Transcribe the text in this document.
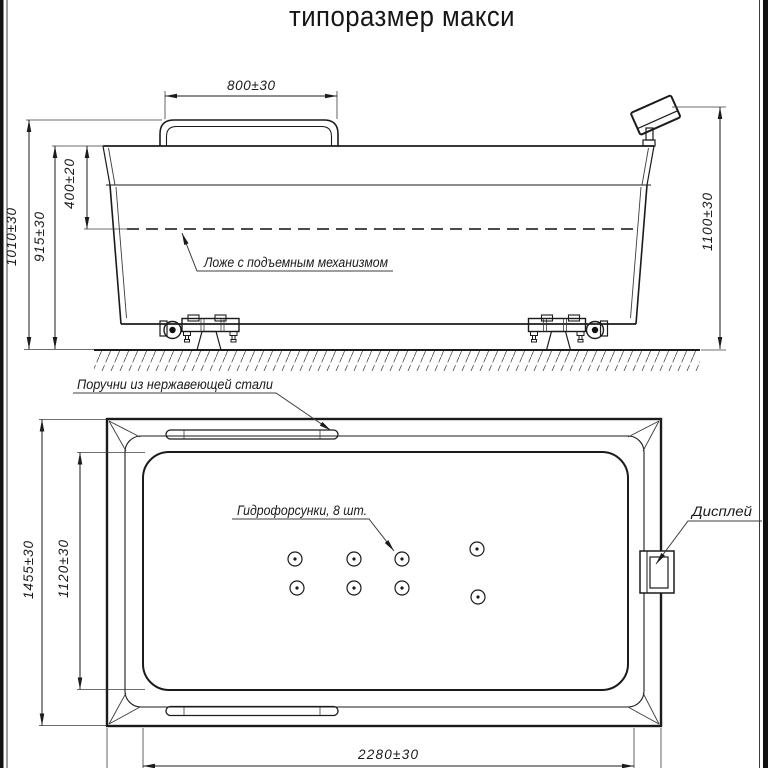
типоразмер макси
800±30
1010±30
915±30
400±20
1100±30
Ложе с подъемным механизмом
1455±30
1120±30
2280±30
Поручни из нержавеющей стали
Гидрофорсунки, 8 шт.	Дисплей
